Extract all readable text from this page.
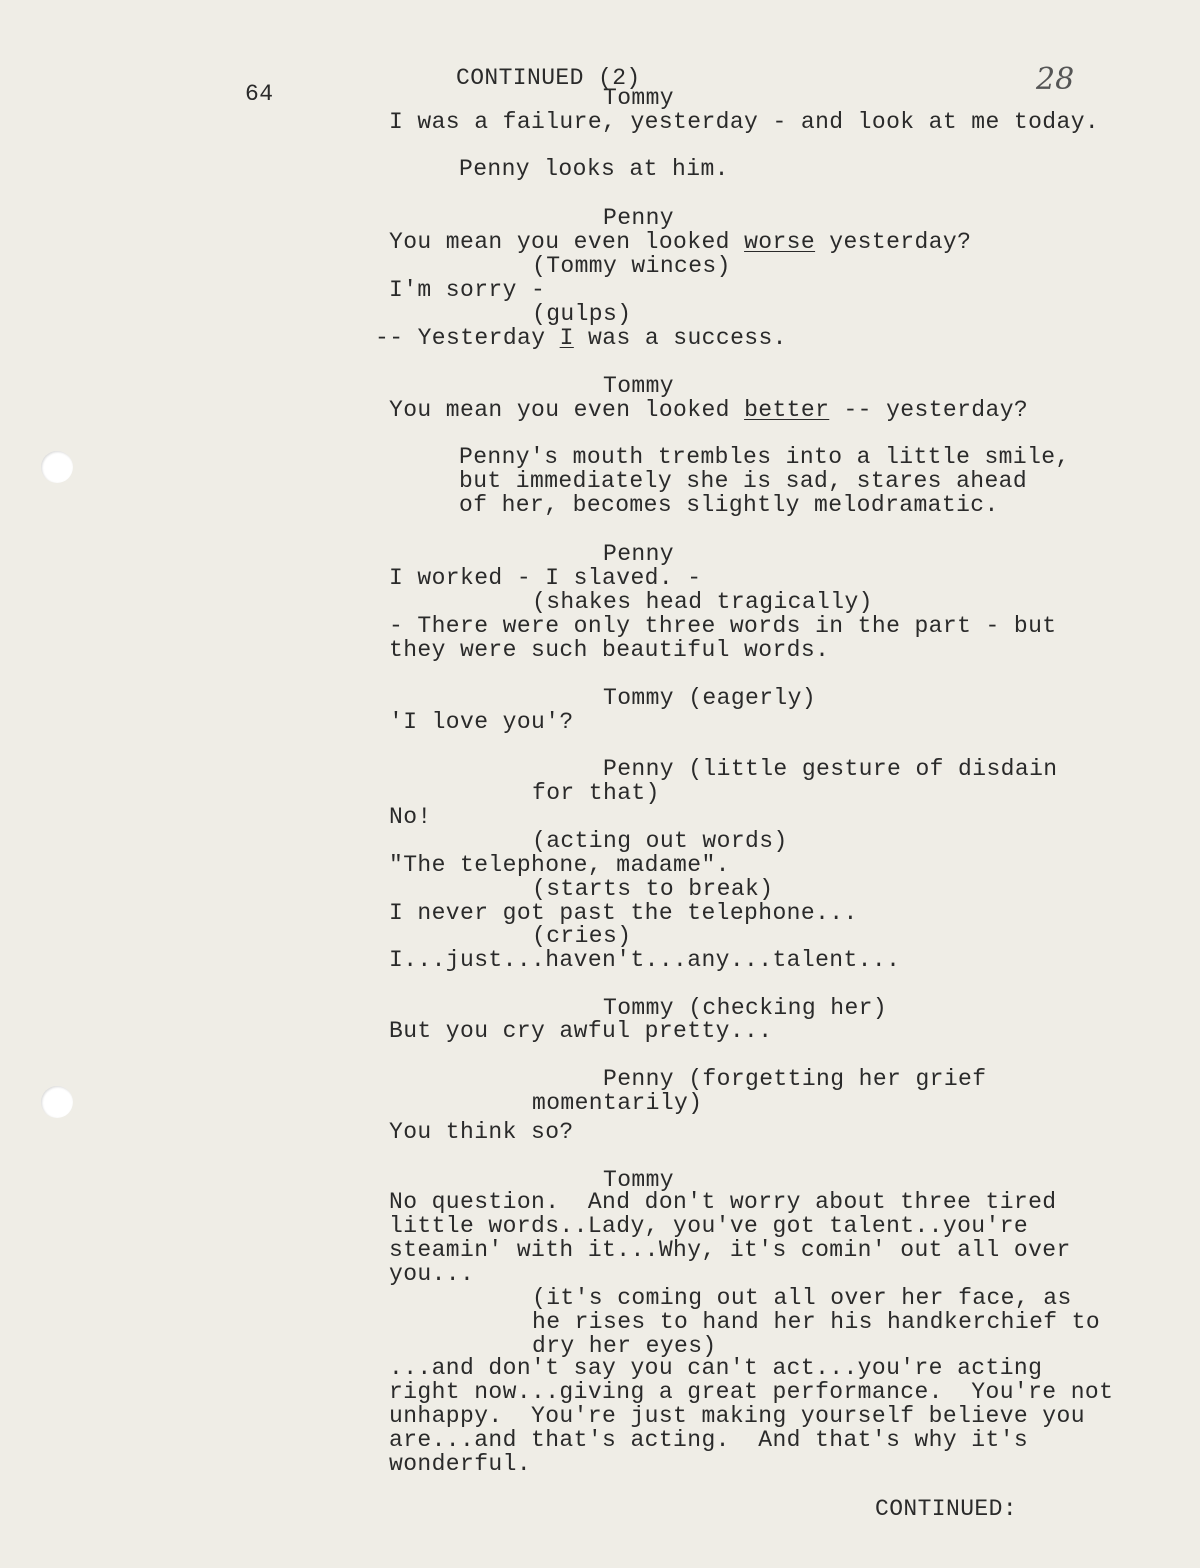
64
CONTINUED (2)	28
Tommy
I was a failure, yesterday - and look at me today.
Penny looks at him.
Penny
You mean you even looked worse yesterday?
(Tommy winces)
I'm sorry -
(gulps)
-- Yesterday I was a success.
Tommy
You mean you even looked better -- yesterday?
Penny's mouth trembles into a little smile,
but immediately she is sad, stares ahead
of her, becomes slightly melodramatic.
Penny
I worked - I slaved. -
(shakes head tragically)
- There were only three words in the part - but
they were such beautiful words.
Tommy (eagerly)
'I love you'?
Penny (little gesture of disdain
for that)
No!
(acting out words)
"The telephone, madame".
(starts to break)
I never got past the telephone...
(cries)
I...just...haven't...any...talent...
Tommy (checking her)
But you cry awful pretty...
Penny (forgetting her grief
momentarily)
You think so?
Tommy
No question.  And don't worry about three tired
little words..Lady, you've got talent..you're
steamin' with it...Why, it's comin' out all over
you...
(it's coming out all over her face, as
he rises to hand her his handkerchief to
dry her eyes)
...and don't say you can't act...you're acting
right now...giving a great performance.  You're not
unhappy.  You're just making yourself believe you
are...and that's acting.  And that's why it's
wonderful.
CONTINUED:
